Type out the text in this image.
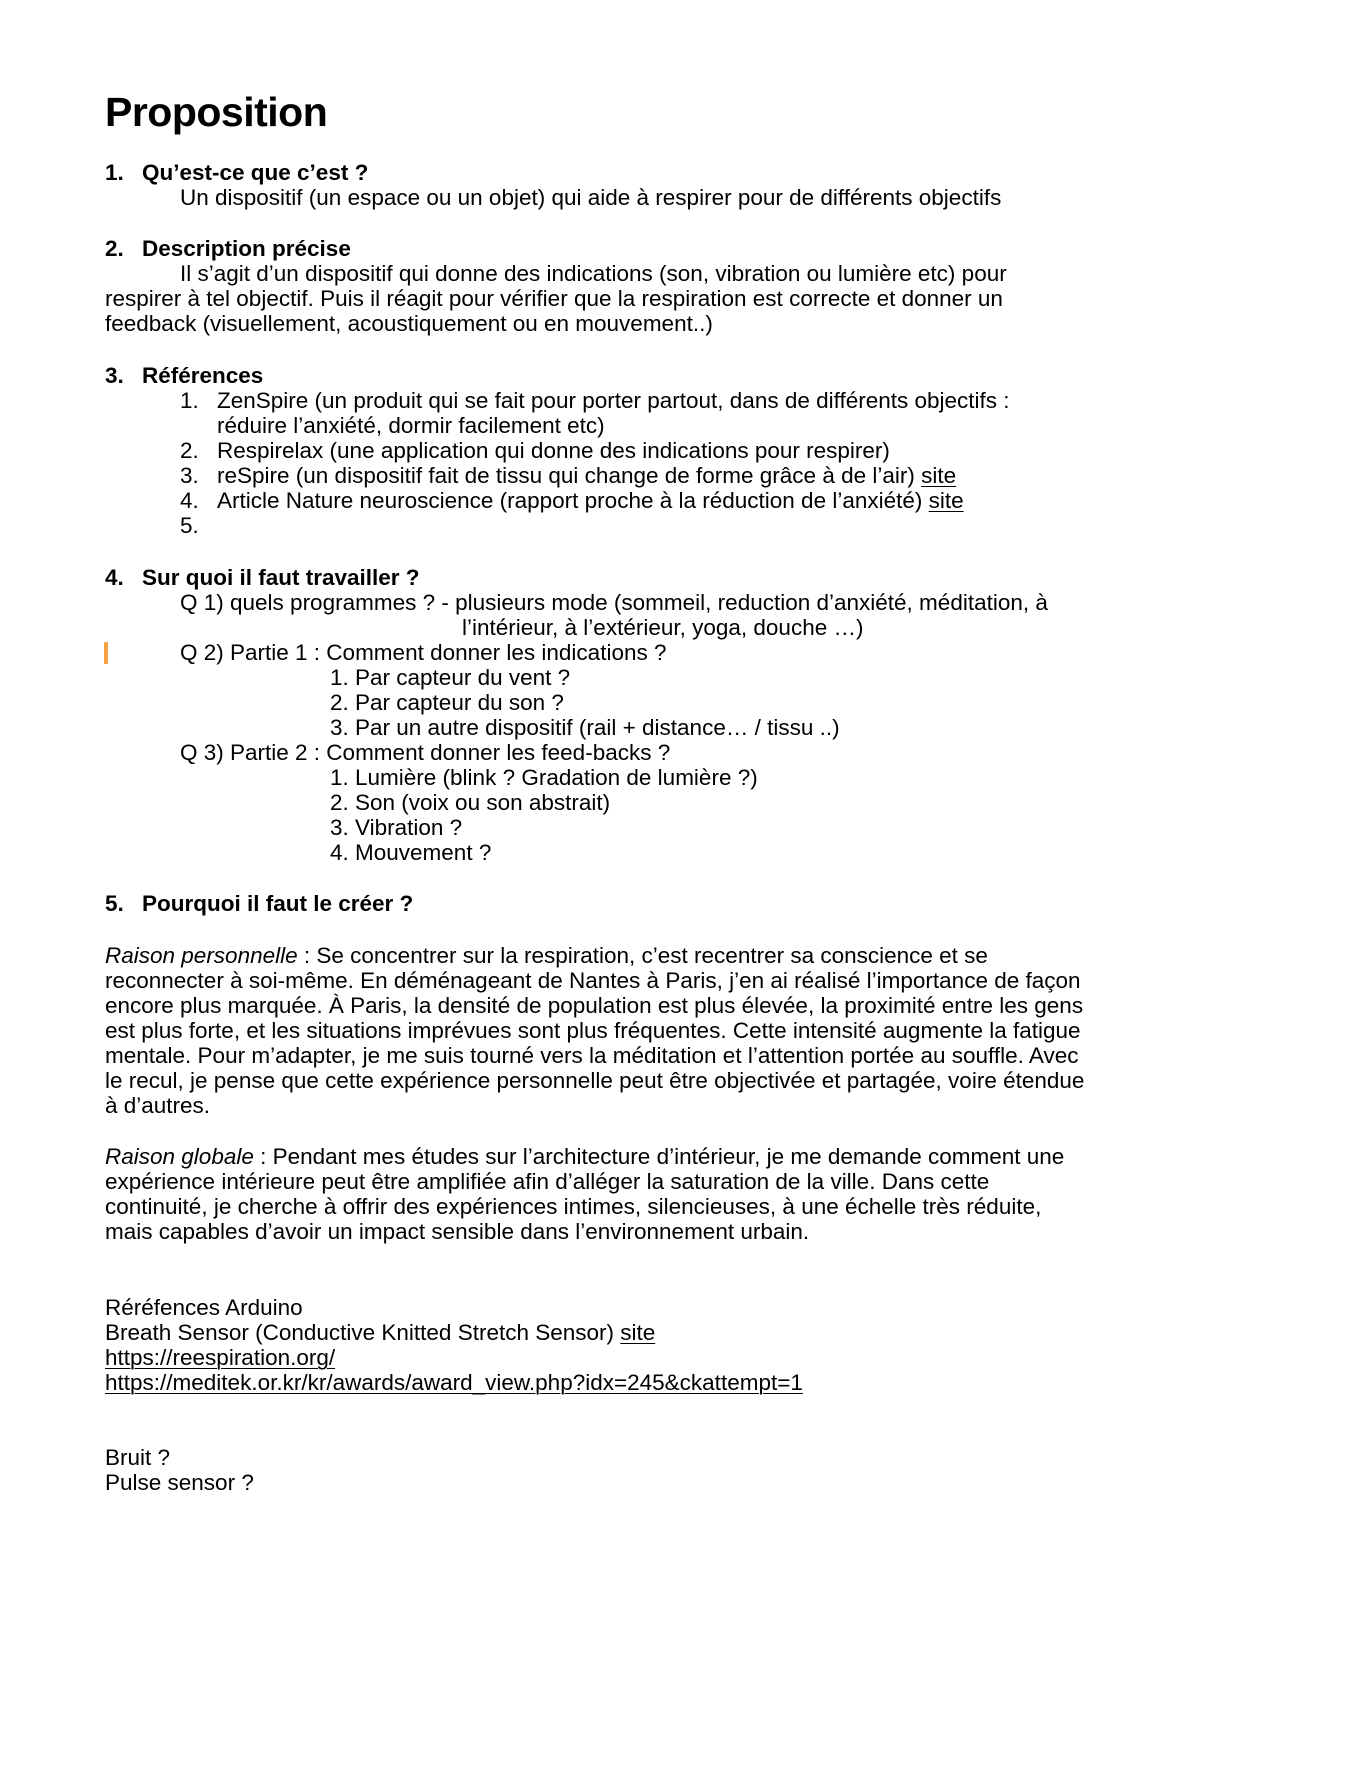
Proposition
1. Qu’est-ce que c’est ?
Un dispositif (un espace ou un objet) qui aide à respirer pour de différents objectifs
2. Description précise
Il s’agit d’un dispositif qui donne des indications (son, vibration ou lumière etc) pour
respirer à tel objectif. Puis il réagit pour vérifier que la respiration est correcte et donner un
feedback (visuellement, acoustiquement ou en mouvement..)
3. Références
1. ZenSpire (un produit qui se fait pour porter partout, dans de différents objectifs :
réduire l’anxiété, dormir facilement etc)
2. Respirelax (une application qui donne des indications pour respirer)
3. reSpire (un dispositif fait de tissu qui change de forme grâce à de l’air) site
4. Article Nature neuroscience (rapport proche à la réduction de l’anxiété) site
5.
4. Sur quoi il faut travailler ?
Q 1) quels programmes ? - plusieurs mode (sommeil, reduction d’anxiété, méditation, à
l’intérieur, à l’extérieur, yoga, douche …)
Q 2) Partie 1 : Comment donner les indications ?
1. Par capteur du vent ?
2. Par capteur du son ?
3. Par un autre dispositif (rail + distance… / tissu ..)
Q 3) Partie 2 : Comment donner les feed-backs ?
1. Lumière (blink ? Gradation de lumière ?)
2. Son (voix ou son abstrait)
3. Vibration ?
4. Mouvement ?
5. Pourquoi il faut le créer ?
Raison personnelle : Se concentrer sur la respiration, c’est recentrer sa conscience et se
reconnecter à soi-même. En déménageant de Nantes à Paris, j’en ai réalisé l’importance de façon
encore plus marquée. À Paris, la densité de population est plus élevée, la proximité entre les gens
est plus forte, et les situations imprévues sont plus fréquentes. Cette intensité augmente la fatigue
mentale. Pour m’adapter, je me suis tourné vers la méditation et l’attention portée au souffle. Avec
le recul, je pense que cette expérience personnelle peut être objectivée et partagée, voire étendue
à d’autres.
Raison globale : Pendant mes études sur l’architecture d’intérieur, je me demande comment une
expérience intérieure peut être amplifiée afin d’alléger la saturation de la ville. Dans cette
continuité, je cherche à offrir des expériences intimes, silencieuses, à une échelle très réduite,
mais capables d’avoir un impact sensible dans l’environnement urbain.
Réréfences Arduino
Breath Sensor (Conductive Knitted Stretch Sensor) site
https://reespiration.org/
https://meditek.or.kr/kr/awards/award_view.php?idx=245&ckattempt=1
Bruit ?
Pulse sensor ?
